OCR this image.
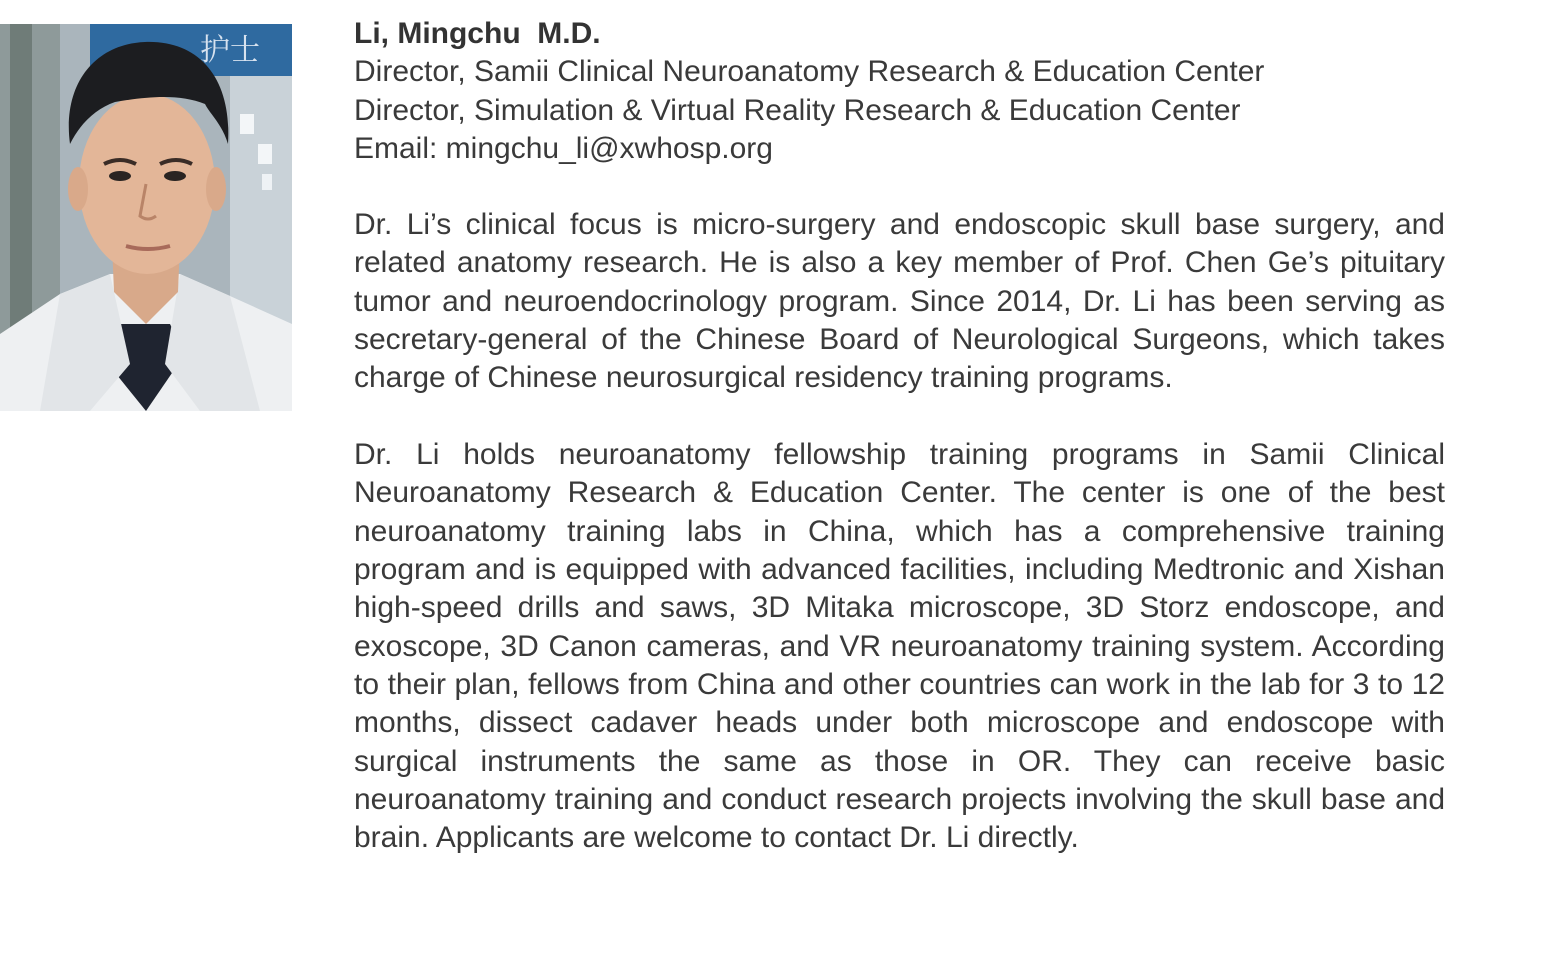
护士	Li, Mingchu  M.D.
Director, Samii Clinical Neuroanatomy Research & Education Center
Director, Simulation & Virtual Reality Research & Education Center
Email: mingchu_li@xwhosp.org

Dr. Li’s clinical focus is micro-surgery and endoscopic skull base surgery, and related anatomy research. He is also a key member of Prof. Chen Ge’s pituitary tumor and neuroendocrinology program. Since 2014, Dr. Li has been serving as secretary-general of the Chinese Board of Neurological Surgeons, which takes charge of Chinese neurosurgical residency training programs.

Dr. Li holds neuroanatomy fellowship training programs in Samii Clinical Neuroanatomy Research & Education Center. The center is one of the best neuroanatomy training labs in China, which has a comprehensive training program and is equipped with advanced facilities, including Medtronic and Xishan high-speed drills and saws, 3D Mitaka microscope, 3D Storz endoscope, and exoscope, 3D Canon cameras, and VR neuroanatomy training system. According to their plan, fellows from China and other countries can work in the lab for 3 to 12 months, dissect cadaver heads under both microscope and endoscope with surgical instruments the same as those in OR. They can receive basic neuroanatomy training and conduct research projects involving the skull base and brain. Applicants are welcome to contact Dr. Li directly.
